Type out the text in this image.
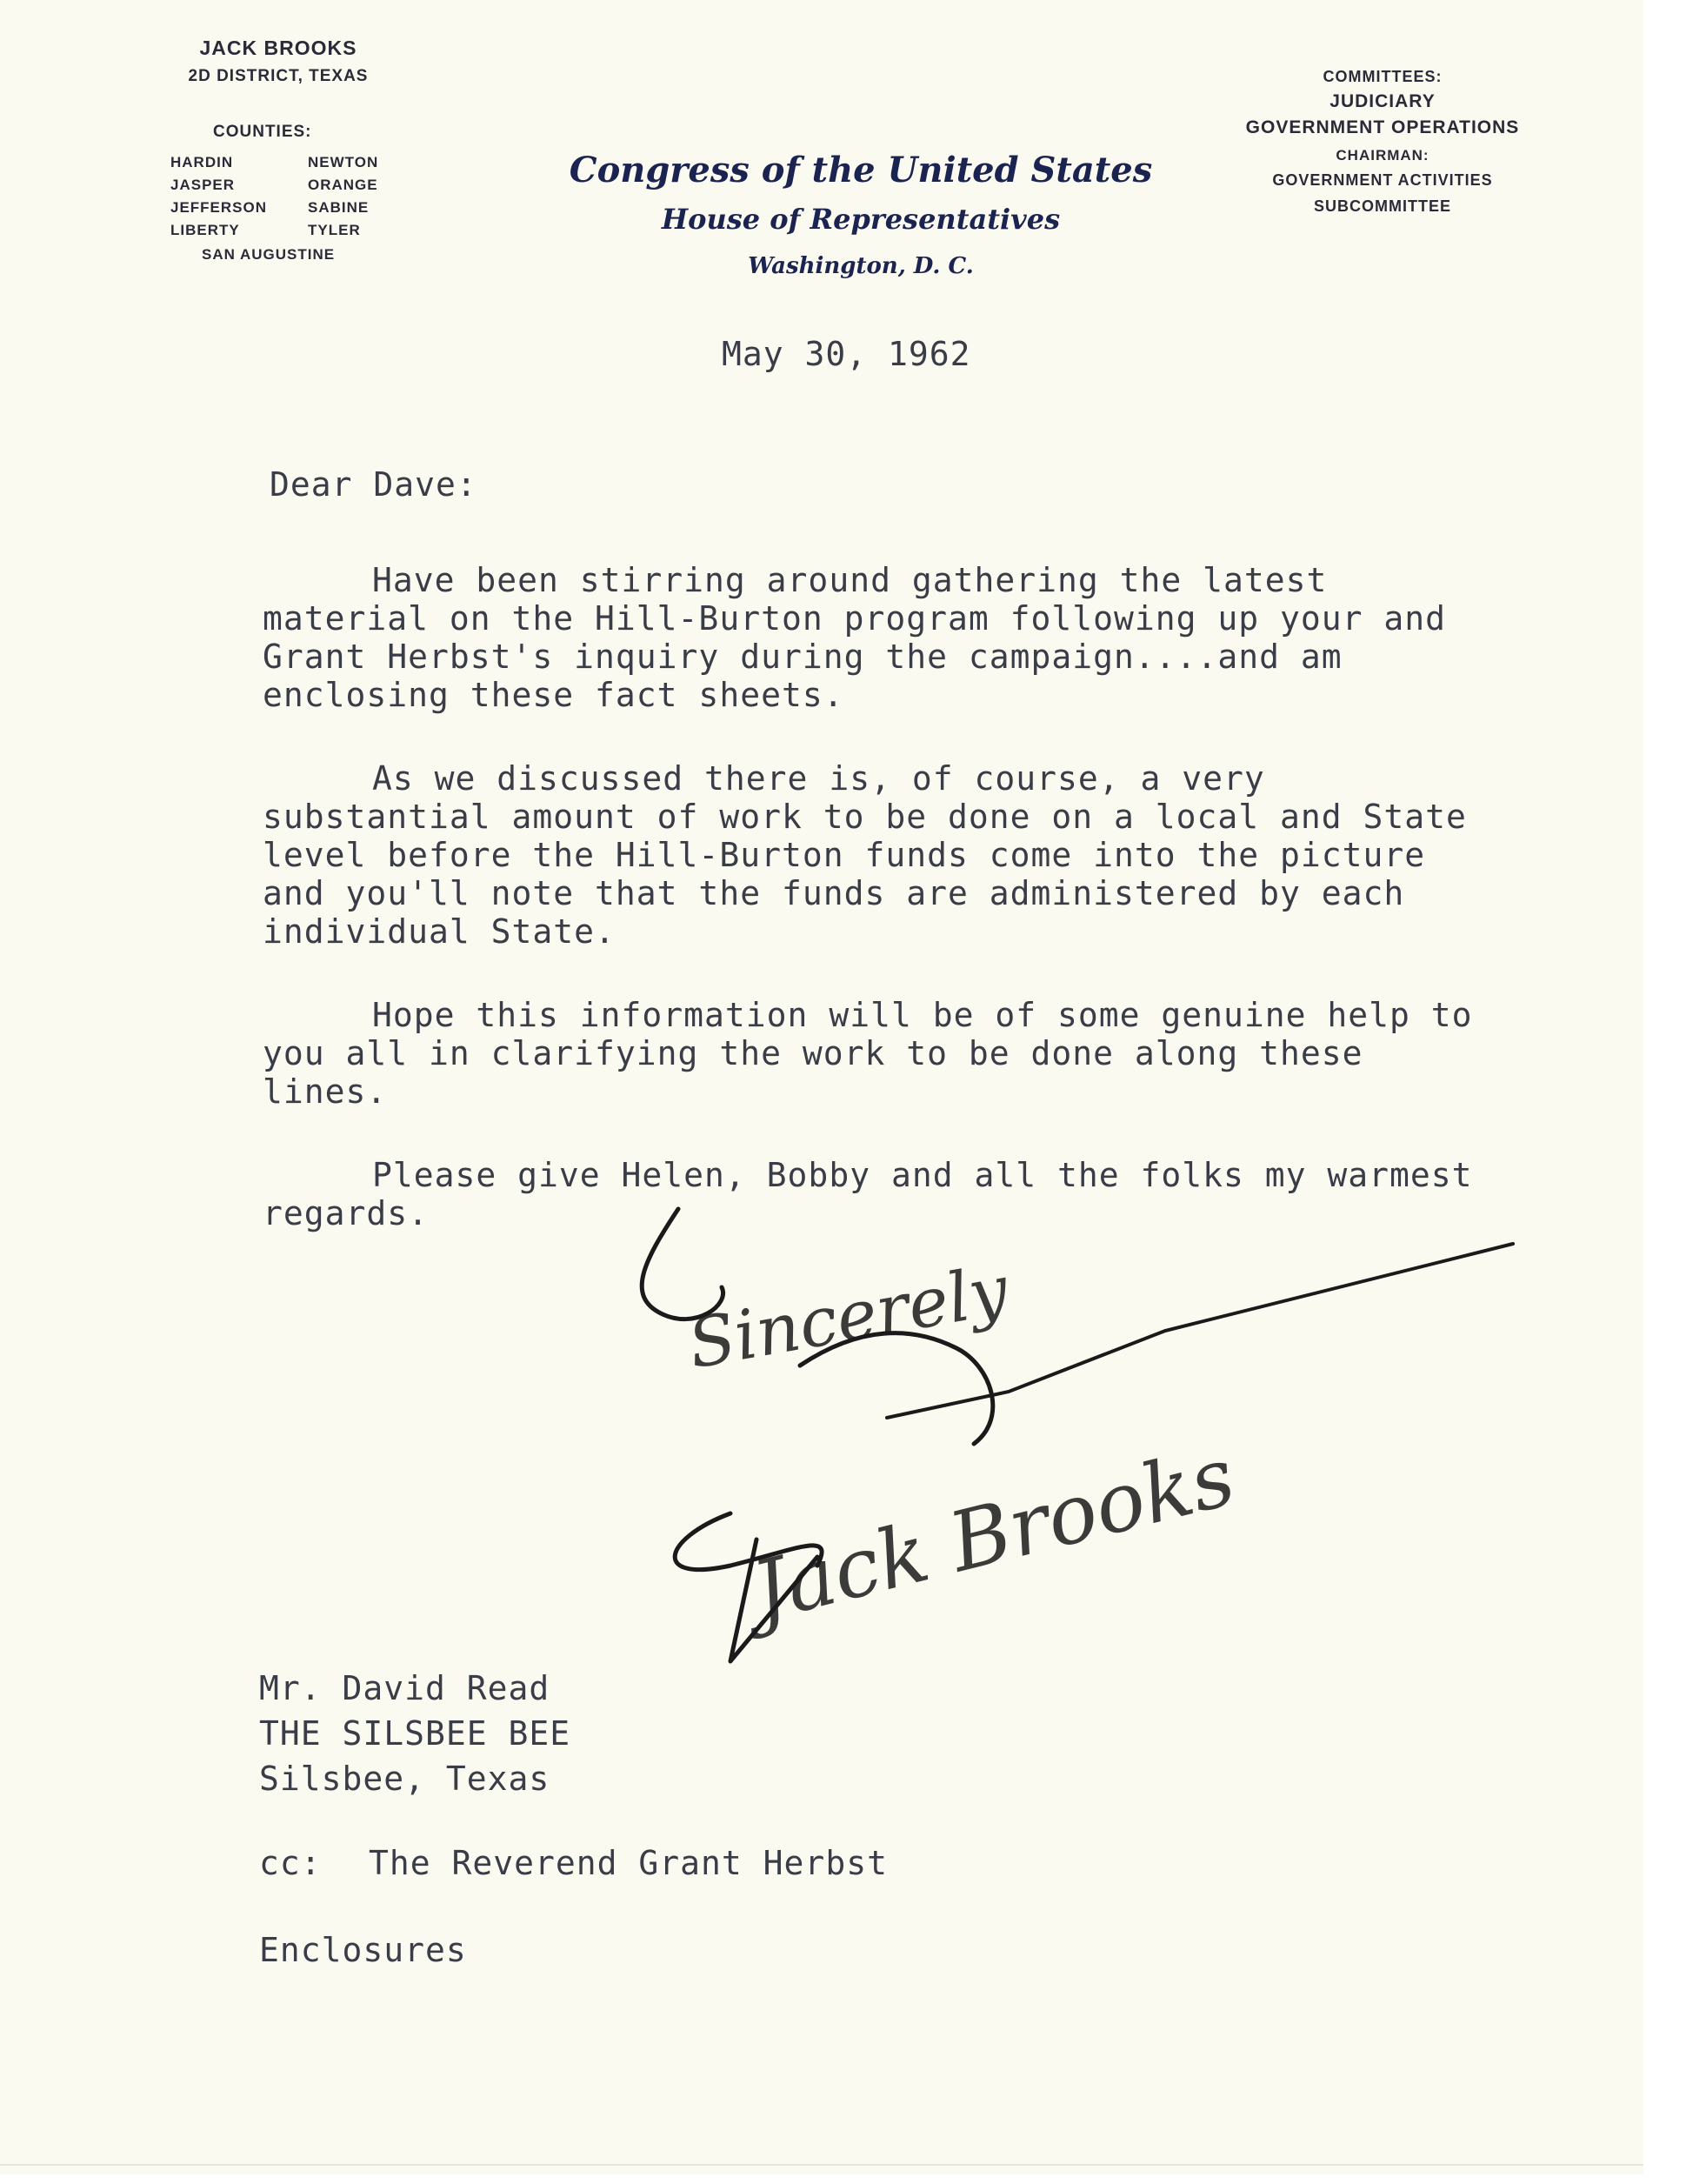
JACK BROOKS
2D DISTRICT, TEXAS
COUNTIES:
HARDIN	NEWTON
JASPER	ORANGE
JEFFERSON	SABINE
LIBERTY	TYLER
SAN AUGUSTINE
Congress of the United States
House of Representatives
Washington, D. C.
COMMITTEES:
JUDICIARY
GOVERNMENT OPERATIONS
CHAIRMAN:
GOVERNMENT ACTIVITIES
SUBCOMMITTEE
May 30, 1962
Dear Dave:

Have been stirring around gathering the latest material on the Hill-Burton program following up your and Grant Herbst's inquiry during the campaign....and am enclosing these fact sheets.

As we discussed there is, of course, a very substantial amount of work to be done on a local and State level before the Hill-Burton funds come into the picture and you'll note that the funds are administered by each individual State.

Hope this information will be of some genuine help to you all in clarifying the work to be done along these lines.

Please give Helen, Bobby and all the folks my warmest regards.

Sincerely
Jack Brooks
Mr. David Read
THE SILSBEE BEE
Silsbee, Texas
cc: The Reverend Grant Herbst
Enclosures
